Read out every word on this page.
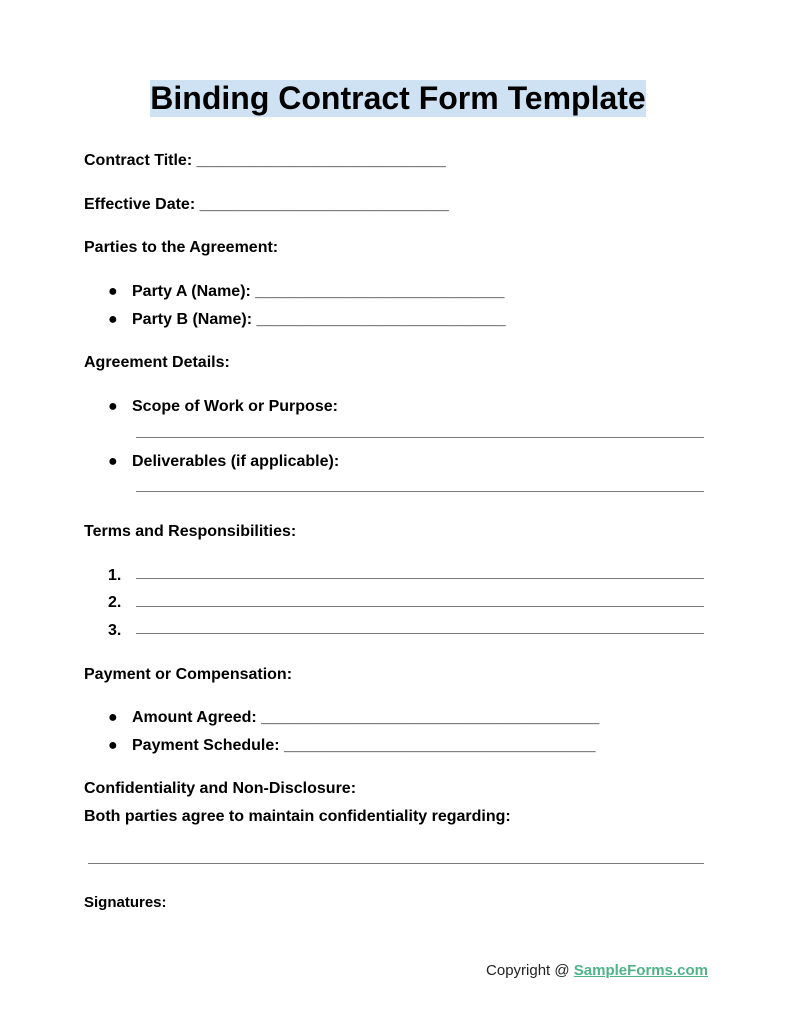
Binding Contract Form Template
Contract Title: ____________________________
Effective Date: ____________________________
Parties to the Agreement:
● Party A (Name): ____________________________
● Party B (Name): ____________________________
Agreement Details:
● Scope of Work or Purpose:
● Deliverables (if applicable):
Terms and Responsibilities:
1.
2.
3.
Payment or Compensation:
● Amount Agreed: ______________________________________
● Payment Schedule: ___________________________________
Confidentiality and Non-Disclosure:
Both parties agree to maintain confidentiality regarding:
Signatures:
Copyright @ SampleForms.com
